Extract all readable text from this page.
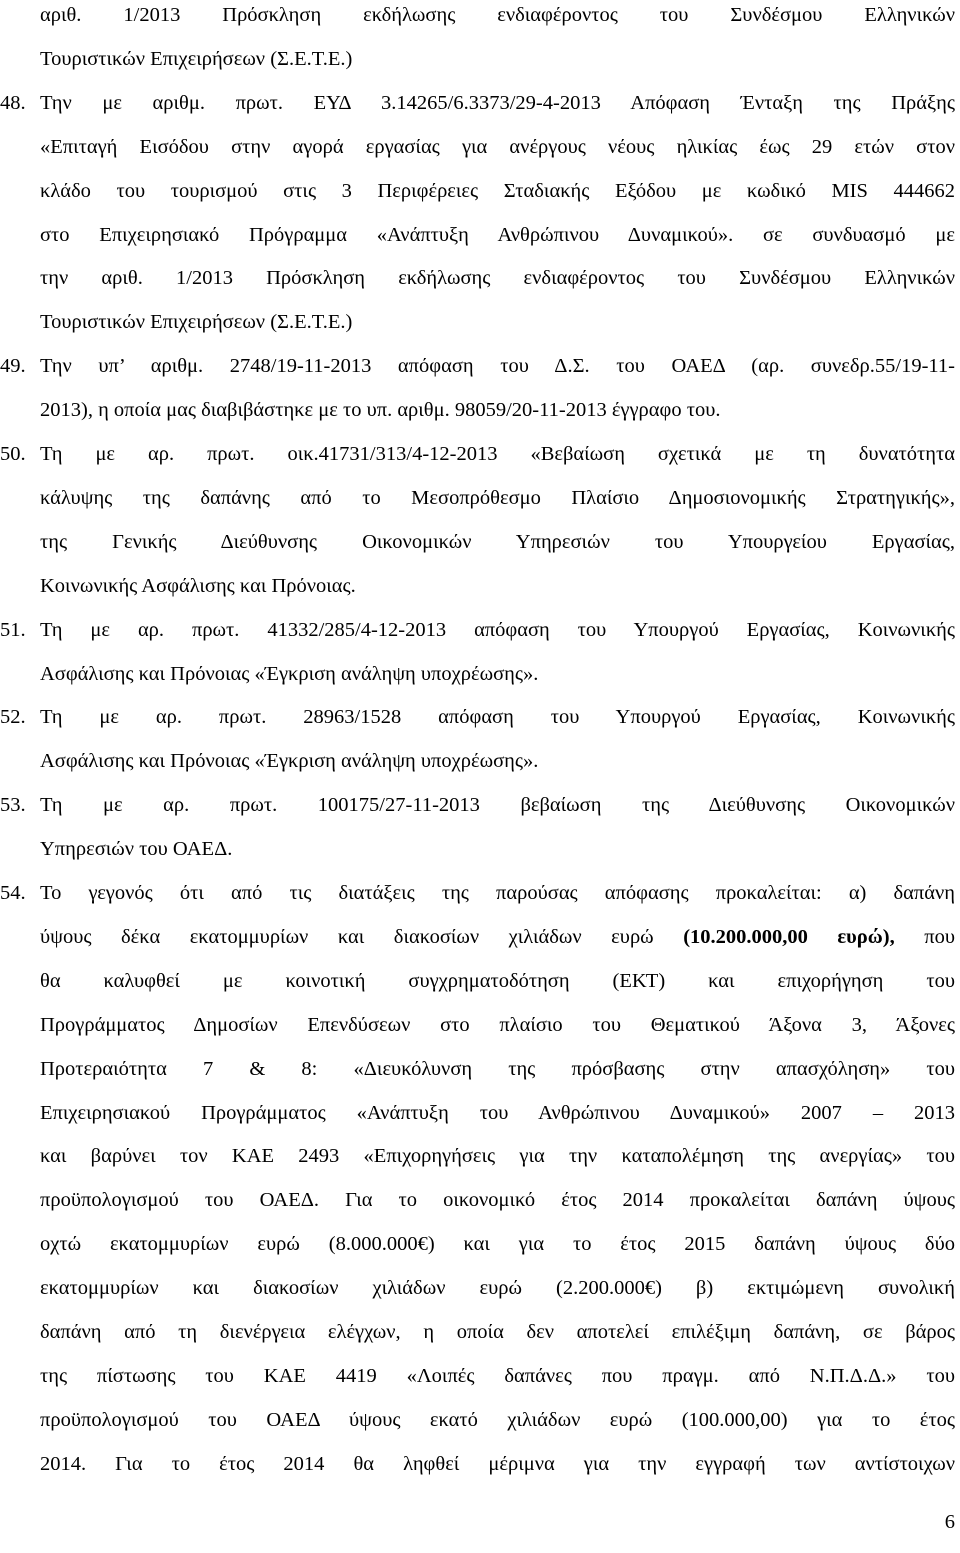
αριθ. 1/2013 Πρόσκληση εκδήλωσης ενδιαφέροντος του Συνδέσμου Ελληνικών
Τουριστικών Επιχειρήσεων (Σ.Ε.Τ.Ε.)
48. Την με αριθμ. πρωτ. ΕΥΔ 3.14265/6.3373/29-4-2013 Απόφαση Ένταξη της Πράξης
«Επιταγή Εισόδου στην αγορά εργασίας για ανέργους νέους ηλικίας έως 29 ετών στον
κλάδο του τουρισμού στις 3 Περιφέρειες Σταδιακής Εξόδου με κωδικό MIS 444662
στο Επιχειρησιακό Πρόγραμμα «Ανάπτυξη Ανθρώπινου Δυναμικού». σε συνδυασμό με
την αριθ. 1/2013 Πρόσκληση εκδήλωσης ενδιαφέροντος του Συνδέσμου Ελληνικών
Τουριστικών Επιχειρήσεων (Σ.Ε.Τ.Ε.)
49. Την υπ’ αριθμ. 2748/19-11-2013 απόφαση του Δ.Σ. του ΟΑΕΔ (αρ. συνεδρ.55/19-11-
2013), η οποία μας διαβιβάστηκε με το υπ. αριθμ. 98059/20-11-2013 έγγραφο του.
50. Τη με αρ. πρωτ. οικ.41731/313/4-12-2013 «Βεβαίωση σχετικά με τη δυνατότητα
κάλυψης της δαπάνης από το Μεσοπρόθεσμο Πλαίσιο Δημοσιονομικής Στρατηγικής»,
της Γενικής Διεύθυνσης Οικονομικών Υπηρεσιών του Υπουργείου Εργασίας,
Κοινωνικής Ασφάλισης και Πρόνοιας.
51. Τη με αρ. πρωτ. 41332/285/4-12-2013 απόφαση του Υπουργού Εργασίας, Κοινωνικής
Ασφάλισης και Πρόνοιας «Έγκριση ανάληψη υποχρέωσης».
52. Τη με αρ. πρωτ. 28963/1528 απόφαση του Υπουργού Εργασίας, Κοινωνικής
Ασφάλισης και Πρόνοιας «Έγκριση ανάληψη υποχρέωσης».
53. Τη με αρ. πρωτ. 100175/27-11-2013 βεβαίωση της Διεύθυνσης Οικονομικών
Υπηρεσιών του ΟΑΕΔ.
54. Το γεγονός ότι από τις διατάξεις της παρούσας απόφασης προκαλείται: α) δαπάνη
ύψους δέκα εκατομμυρίων και διακοσίων χιλιάδων ευρώ (10.200.000,00 ευρώ), που
θα καλυφθεί με κοινοτική συγχρηματοδότηση (ΕΚΤ) και επιχορήγηση του
Προγράμματος Δημοσίων Επενδύσεων στο πλαίσιο του Θεματικού Άξονα 3, Άξονες
Προτεραιότητα 7 & 8: «Διευκόλυνση της πρόσβασης στην απασχόληση» του
Επιχειρησιακού Προγράμματος «Ανάπτυξη του Ανθρώπινου Δυναμικού» 2007 – 2013
και βαρύνει τον ΚΑΕ 2493 «Επιχορηγήσεις για την καταπολέμηση της ανεργίας» του
προϋπολογισμού του ΟΑΕΔ. Για το οικονομικό έτος 2014 προκαλείται δαπάνη ύψους
οχτώ εκατομμυρίων ευρώ (8.000.000€) και για το έτος 2015 δαπάνη ύψους δύο
εκατομμυρίων και διακοσίων χιλιάδων ευρώ (2.200.000€) β) εκτιμώμενη συνολική
δαπάνη από τη διενέργεια ελέγχων, η οποία δεν αποτελεί επιλέξιμη δαπάνη, σε βάρος
της πίστωσης του ΚΑΕ 4419 «Λοιπές δαπάνες που πραγμ. από Ν.Π.Δ.Δ.» του
προϋπολογισμού του ΟΑΕΔ ύψους εκατό χιλιάδων ευρώ (100.000,00) για το έτος
2014. Για το έτος 2014 θα ληφθεί μέριμνα για την εγγραφή των αντίστοιχων
6
